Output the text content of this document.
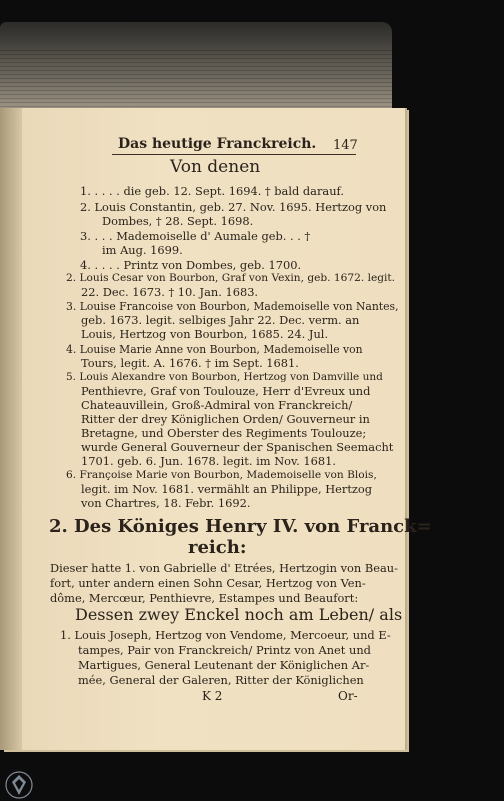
Das heutige Franckreich. 147
Von denen
1. . . . . die geb. 12. Sept. 1694. † bald darauf.
2. Louis Constantin, geb. 27. Nov. 1695. Hertzog von
Dombes, † 28. Sept. 1698.
3. . . . Mademoiselle d' Aumale geb. . . †
im Aug. 1699.
4. . . . . Printz von Dombes, geb. 1700.
2. Louis Cesar von Bourbon, Graf von Vexin, geb. 1672. legit.
22. Dec. 1673. † 10. Jan. 1683.
3. Louise Francoise von Bourbon, Mademoiselle von Nantes,
geb. 1673. legit. selbiges Jahr 22. Dec. verm. an
Louis, Hertzog von Bourbon, 1685. 24. Jul.
4. Louise Marie Anne von Bourbon, Mademoiselle von
Tours, legit. A. 1676. † im Sept. 1681.
5. Louis Alexandre von Bourbon, Hertzog von Damville und
Penthievre, Graf von Toulouze, Herr d'Evreux und
Chateauvillein, Groß-Admiral von Franckreich/
Ritter der drey Königlichen Orden/ Gouverneur in
Bretagne, und Oberster des Regiments Toulouze;
wurde General Gouverneur der Spanischen Seemacht
1701. geb. 6. Jun. 1678. legit. im Nov. 1681.
6. Françoise Marie von Bourbon, Mademoiselle von Blois,
legit. im Nov. 1681. vermählt an Philippe, Hertzog
von Chartres, 18. Febr. 1692.
2. Des Königes Henry IV. von Franck=
reich:
Dieser hatte 1. von Gabrielle d' Etrées, Hertzogin von Beau-
fort, unter andern einen Sohn Cesar, Hertzog von Ven-
dôme, Mercœur, Penthievre, Estampes und Beaufort:
Dessen zwey Enckel noch am Leben/ als
1. Louis Joseph, Hertzog von Vendome, Mercoeur, und E-
tampes, Pair von Franckreich/ Printz von Anet und
Martigues, General Leutenant der Königlichen Ar-
mée, General der Galeren, Ritter der Königlichen
K 2	Or-
